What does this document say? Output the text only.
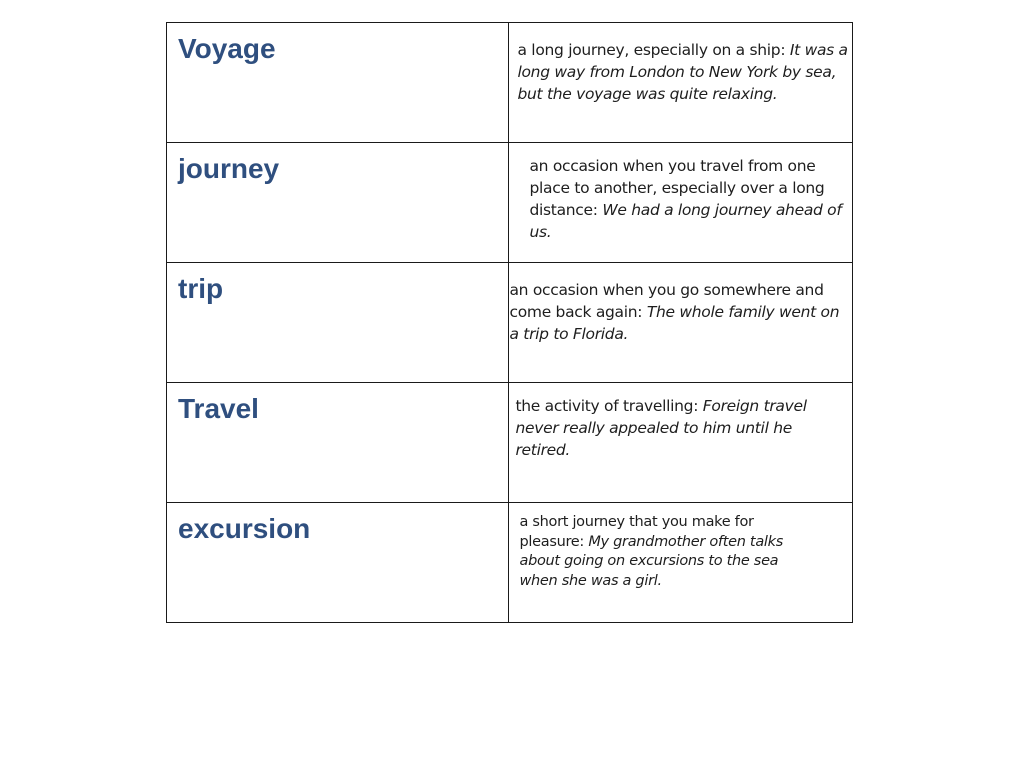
Voyage	a long journey, especially on a ship: It was a long way from London to New York by sea, but the voyage was quite relaxing.

journey	an occasion when you travel from one place to another, especially over a long distance: We had a long journey ahead of us.

trip	an occasion when you go somewhere and come back again: The whole family went on a trip to Florida.

Travel	the activity of travelling: Foreign travel never really appealed to him until he retired.

excursion	a short journey that you make for pleasure: My grandmother often talks about going on excursions to the sea when she was a girl.
